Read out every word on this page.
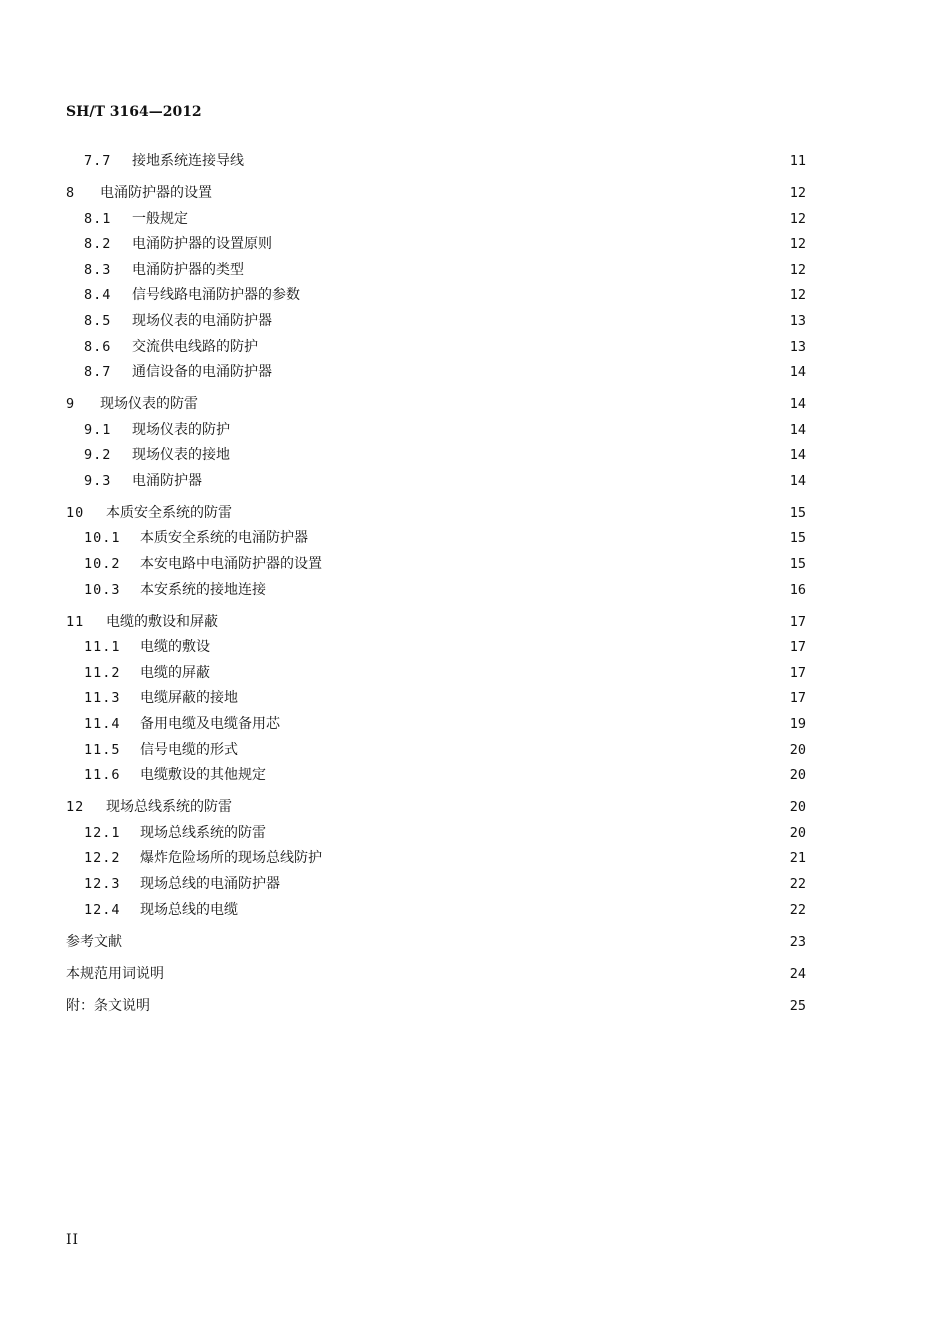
SH/T 3164—2012
7.7	接地系统连接导线	11
8	电涌防护器的设置	12
8.1	一般规定	12
8.2	电涌防护器的设置原则	12
8.3	电涌防护器的类型	12
8.4	信号线路电涌防护器的参数	12
8.5	现场仪表的电涌防护器	13
8.6	交流供电线路的防护	13
8.7	通信设备的电涌防护器	14
9	现场仪表的防雷	14
9.1	现场仪表的防护	14
9.2	现场仪表的接地	14
9.3	电涌防护器	14
10	本质安全系统的防雷	15
10.1	本质安全系统的电涌防护器	15
10.2	本安电路中电涌防护器的设置	15
10.3	本安系统的接地连接	16
11	电缆的敷设和屏蔽	17
11.1	电缆的敷设	17
11.2	电缆的屏蔽	17
11.3	电缆屏蔽的接地	17
11.4	备用电缆及电缆备用芯	19
11.5	信号电缆的形式	20
11.6	电缆敷设的其他规定	20
12	现场总线系统的防雷	20
12.1	现场总线系统的防雷	20
12.2	爆炸危险场所的现场总线防护	21
12.3	现场总线的电涌防护器	22
12.4	现场总线的电缆	22
参考文献	23
本规范用词说明	24
附：条文说明	25
II
